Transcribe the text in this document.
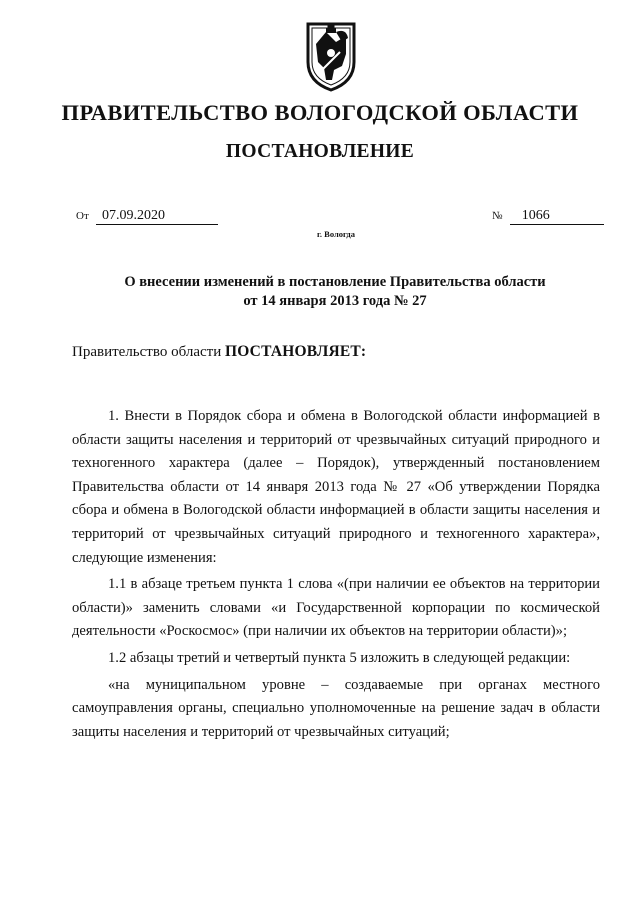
ПРАВИТЕЛЬСТВО ВОЛОГОДСКОЙ ОБЛАСТИ
ПОСТАНОВЛЕНИЕ
От 07.09.2020	№ 1066
г. Вологда
О внесении изменений в постановление Правительства области
от 14 января 2013 года № 27
Правительство области ПОСТАНОВЛЯЕТ:

1. Внести в Порядок сбора и обмена в Вологодской области информацией в области защиты населения и территорий от чрезвычайных ситуаций природного и техногенного характера (далее – Порядок), утвержденный постановлением Правительства области от 14 января 2013 года № 27 «Об утверждении Порядка сбора и обмена в Вологодской области информацией в области защиты населения и территорий от чрезвычайных ситуаций природного и техногенного характера», следующие изменения:

1.1 в абзаце третьем пункта 1 слова «(при наличии ее объектов на территории области)» заменить словами «и Государственной корпорации по космической деятельности «Роскосмос» (при наличии их объектов на территории области)»;

1.2 абзацы третий и четвертый пункта 5 изложить в следующей редакции:

«на муниципальном уровне – создаваемые при органах местного самоуправления органы, специально уполномоченные на решение задач в области защиты населения и территорий от чрезвычайных ситуаций;
